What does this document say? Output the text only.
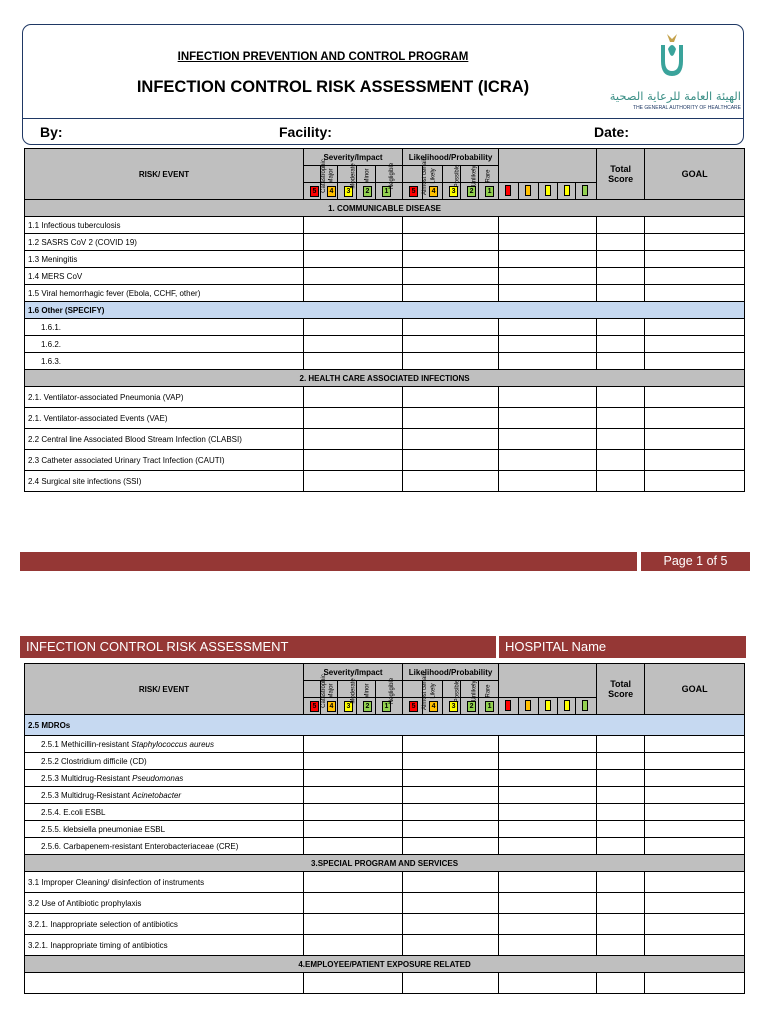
INFECTION PREVENTION AND CONTROL PROGRAM
INFECTION CONTROL RISK ASSESSMENT (ICRA)	الهيئة العامة للرعاية الصحية
THE GENERAL AUTHORITY OF HEALTHCARE
By:	Facility:	Date:
RISK/ EVENT	Severity/Impact					Likelihood/Probability										Total Score	GOAL
	Catastrophic	Major	Moderate	Minor	Negligible	Almost certain	Likely	Possible	Unlikely	Rare							
	5	4	3	2	1	5	4	3	2	1							
1. COMMUNICABLE DISEASE																	
1.1 Infectious tuberculosis																	
1.2 SASRS CoV 2 (COVID 19)																	
1.3 Meningitis																	
1.4 MERS CoV																	
1.5 Viral hemorrhagic fever (Ebola, CCHF, other)																	
1.6 Other (SPECIFY)																	
1.6.1.																	
1.6.2.																	
1.6.3.																	
2. HEALTH CARE ASSOCIATED INFECTIONS																	
2.1. Ventilator-associated Pneumonia (VAP)																	
2.1. Ventilator-associated Events (VAE)																	
2.2 Central line Associated Blood Stream Infection (CLABSI)																	
2.3 Catheter associated Urinary Tract Infection (CAUTI)																	
2.4 Surgical site infections (SSI)																	
Page 1 of 5
INFECTION CONTROL RISK ASSESSMENT	HOSPITAL Name
RISK/ EVENT	Severity/Impact					Likelihood/Probability										Total Score	GOAL
	Catastrophic	Major	Moderate	Minor	Negligible	Almost certain	Likely	Possible	Unlikely	Rare							
	5	4	3	2	1	5	4	3	2	1							
2.5 MDROs																	
2.5.1 Methicillin-resistant Staphylococcus aureus																	
2.5.2 Clostridium difficile (CD)																	
2.5.3 Multidrug-Resistant Pseudomonas																	
2.5.3 Multidrug-Resistant Acinetobacter																	
2.5.4. E.coli ESBL																	
2.5.5. klebsiella pneumoniae ESBL																	
2.5.6. Carbapenem-resistant Enterobacteriaceae (CRE)																	
3.SPECIAL PROGRAM AND SERVICES																	
3.1 Improper Cleaning/ disinfection of instruments																	
3.2 Use of Antibiotic prophylaxis																	
3.2.1. Inappropriate selection of antibiotics																	
3.2.1. Inappropriate timing of antibiotics																	
4.EMPLOYEE/PATIENT EXPOSURE RELATED																	
